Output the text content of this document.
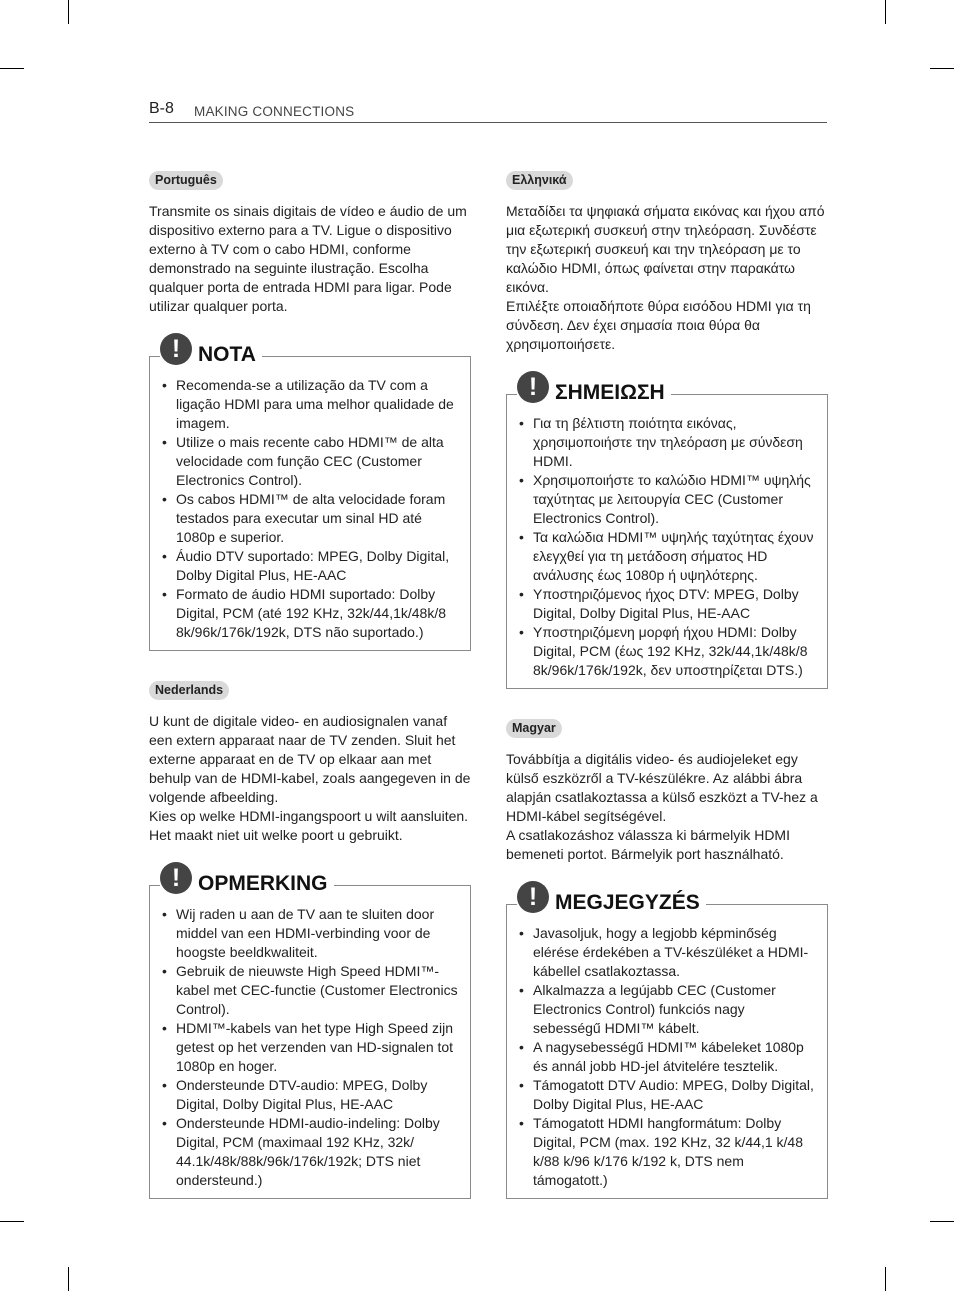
B-8 MAKING CONNECTIONS
Português

Transmite os sinais digitais de vídeo e áudio de um dispositivo externo para a TV. Ligue o dispositivo externo à TV com o cabo HDMI, conforme demonstrado na seguinte ilustração. Escolha qualquer porta de entrada HDMI para ligar. Pode utilizar qualquer porta.

! NOTA
• Recomenda-se a utilização da TV com a ligação HDMI para uma melhor qualidade de imagem.
• Utilize o mais recente cabo HDMI™ de alta velocidade com função CEC (Customer Electronics Control).
• Os cabos HDMI™ de alta velocidade foram testados para executar um sinal HD até 1080p e superior.
• Áudio DTV suportado: MPEG, Dolby Digital, Dolby Digital Plus, HE-AAC
• Formato de áudio HDMI suportado: Dolby Digital, PCM (até 192 KHz, 32k/44,1k/48k/8 8k/96k/176k/192k, DTS não suportado.)
Nederlands

U kunt de digitale video- en audiosignalen vanaf een extern apparaat naar de TV zenden. Sluit het externe apparaat en de TV op elkaar aan met behulp van de HDMI-kabel, zoals aangegeven in de volgende afbeelding.
Kies op welke HDMI-ingangspoort u wilt aansluiten. Het maakt niet uit welke poort u gebruikt.

! OPMERKING
• Wij raden u aan de TV aan te sluiten door middel van een HDMI-verbinding voor de hoogste beeldkwaliteit.
• Gebruik de nieuwste High Speed HDMI™-kabel met CEC-functie (Customer Electronics Control).
• HDMI™-kabels van het type High Speed zijn getest op het verzenden van HD-signalen tot 1080p en hoger.
• Ondersteunde DTV-audio: MPEG, Dolby Digital, Dolby Digital Plus, HE-AAC
• Ondersteunde HDMI-audio-indeling: Dolby Digital, PCM (maximaal 192 KHz, 32k/ 44.1k/48k/88k/96k/176k/192k; DTS niet ondersteund.)
Ελληνικά

Μεταδίδει τα ψηφιακά σήματα εικόνας και ήχου από μια εξωτερική συσκευή στην τηλεόραση. Συνδέστε την εξωτερική συσκευή και την τηλεόραση με το καλώδιο HDMI, όπως φαίνεται στην παρακάτω εικόνα.
Επιλέξτε οποιαδήποτε θύρα εισόδου HDMI για τη σύνδεση. Δεν έχει σημασία ποια θύρα θα χρησιμοποιήσετε.

! ΣΗΜΕΙΩΣΗ
• Για τη βέλτιστη ποιότητα εικόνας, χρησιμοποιήστε την τηλεόραση με σύνδεση HDMI.
• Χρησιμοποιήστε το καλώδιο HDMI™ υψηλής ταχύτητας με λειτουργία CEC (Customer Electronics Control).
• Τα καλώδια HDMI™ υψηλής ταχύτητας έχουν ελεγχθεί για τη μετάδοση σήματος HD ανάλυσης έως 1080p ή υψηλότερης.
• Υποστηριζόμενος ήχος DTV: MPEG, Dolby Digital, Dolby Digital Plus, HE-AAC
• Υποστηριζόμενη μορφή ήχου HDMI: Dolby Digital, PCM (έως 192 KHz, 32k/44,1k/48k/8 8k/96k/176k/192k, δεν υποστηρίζεται DTS.)
Magyar

Továbbítja a digitális video- és audiojeleket egy külső eszközről a TV-készülékre. Az alábbi ábra alapján csatlakoztassa a külső eszközt a TV-hez a HDMI-kábel segítségével.
A csatlakozáshoz válassza ki bármelyik HDMI bemeneti portot. Bármelyik port használható.

! MEGJEGYZÉS
• Javasoljuk, hogy a legjobb képminőség elérése érdekében a TV-készüléket a HDMI-kábellel csatlakoztassa.
• Alkalmazza a legújabb CEC (Customer Electronics Control) funkciós nagy sebességű HDMI™ kábelt.
• A nagysebességű HDMI™ kábeleket 1080p és annál jobb HD-jel átvitelére tesztelik.
• Támogatott DTV Audio: MPEG, Dolby Digital, Dolby Digital Plus, HE-AAC
• Támogatott HDMI hangformátum: Dolby Digital, PCM (max. 192 KHz, 32 k/44,1 k/48 k/88 k/96 k/176 k/192 k, DTS nem támogatott.)
